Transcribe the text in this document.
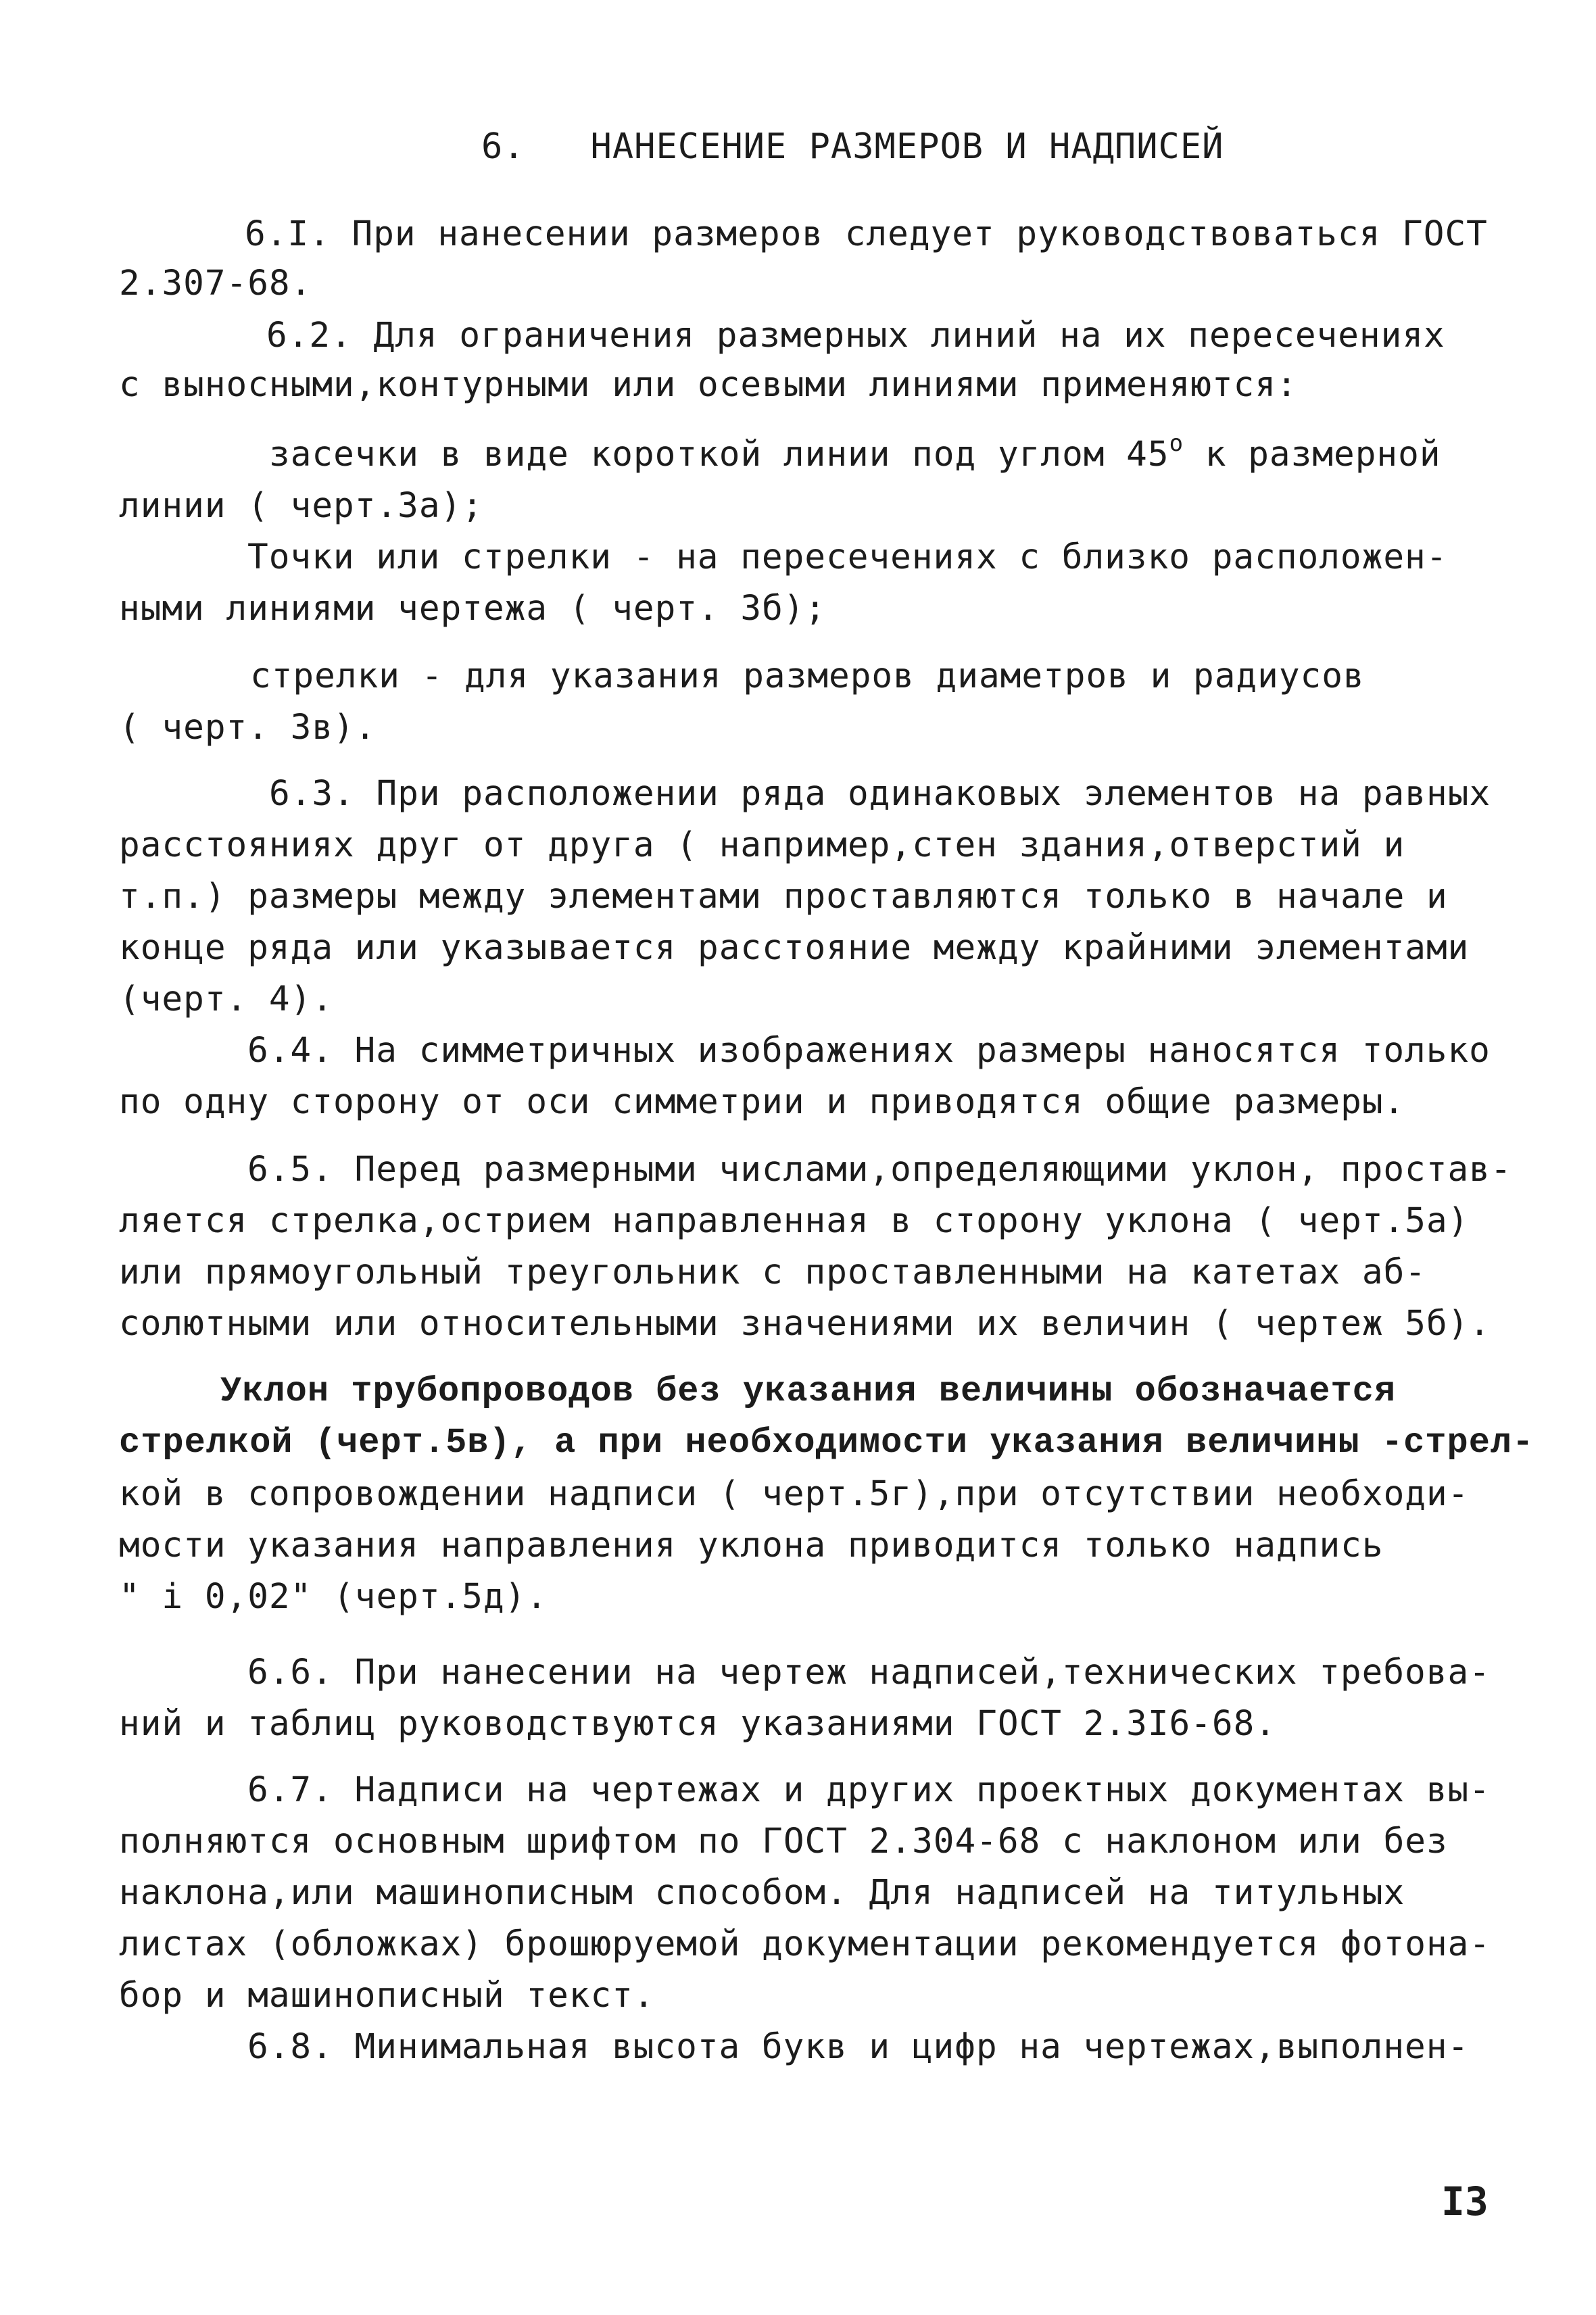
6.   НАНЕСЕНИЕ РАЗМЕРОВ И НАДПИСЕЙ
6.I. При нанесении размеров следует руководствоваться ГОСТ
2.307-68.
6.2. Для ограничения размерных линий на их пересечениях
с выносными,контурными или осевыми линиями применяются:
засечки в виде короткой линии под углом 45$^o$ к размерной
линии ( черт.3а);
Точки или стрелки - на пересечениях с близко расположен-
ными линиями чертежа ( черт. 3б);
стрелки - для указания размеров диаметров и радиусов
( черт. 3в).
6.3. При расположении ряда одинаковых элементов на равных
расстояниях друг от друга ( например,стен здания,отверстий и
т.п.) размеры между элементами проставляются только в начале и
конце ряда или указывается расстояние между крайними элементами
(черт. 4).
6.4. На симметричных изображениях размеры наносятся только
по одну сторону от оси симметрии и приводятся общие размеры.
6.5. Перед размерными числами,определяющими уклон, простав-
ляется стрелка,острием направленная в сторону уклона ( черт.5а)
или прямоугольный треугольник с проставленными на катетах аб-
солютными или относительными значениями их величин ( чертеж 5б).
Уклон трубопроводов без указания величины обозначается
стрелкой (черт.5в), а при необходимости указания величины -стрел-
кой в сопровождении надписи ( черт.5г),при отсутствии необходи-
мости указания направления уклона приводится только надпись
" i 0,02" (черт.5д).
6.6. При нанесении на чертеж надписей,технических требова-
ний и таблиц руководствуются указаниями ГОСТ 2.3I6-68.
6.7. Надписи на чертежах и других проектных документах вы-
полняются основным шрифтом по ГОСТ 2.304-68 с наклоном или без
наклона,или машинописным способом. Для надписей на титульных
листах (обложках) брошюруемой документации рекомендуется фотона-
бор и машинописный текст.
6.8. Минимальная высота букв и цифр на чертежах,выполнен-
I3
